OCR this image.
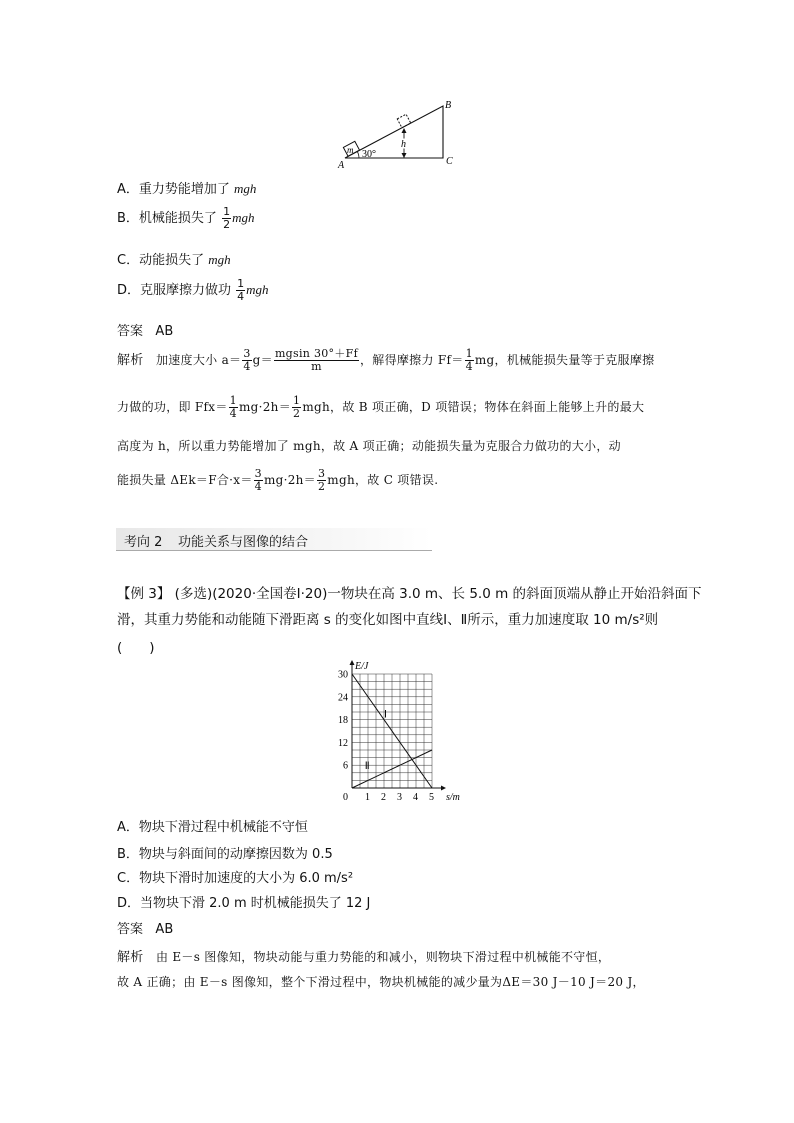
m 30°
h
A
B
C
A．重力势能增加了 mgh
B．机械能损失了 $\frac{1}{2}$ mgh
C．动能损失了 mgh
D．克服摩擦力做功 $\frac{1}{4}$ mgh
答案 AB
解析 加速度大小 $a= \frac{3}{4} g= \frac{mgsin 30^\circ+Ff}{m}$ ，解得摩擦力 $Ff= \frac{1}{4}$ mg，机械能损失量等于克服摩擦
力做的功，即 $Ffx= \frac{1}{4} mg\cdot 2h= \frac{1}{2}$ mgh，故 B 项正确，D 项错误；物体在斜面上能够上升的最大
高度为 h，所以重力势能增加了 mgh，故 A 项正确；动能损失量为克服合力做功的大小，动
能损失量 ΔEk＝F合$\cdot x= \frac{3}{4} mg\cdot 2h= \frac{3}{2}$ mgh，故 C 项错误.
考向 2 功能关系与图像的结合
【例 3】 (多选)(2020·全国卷Ⅰ·20)一物块在高 3.0 m、长 5.0 m 的斜面顶端从静止开始沿斜面下
滑，其重力势能和动能随下滑距离 s 的变化如图中直线Ⅰ、Ⅱ所示，重力加速度取 10 m/s²则
(　　)
Ⅰ
Ⅱ
0 1 2 3 4 5
6
12
18
24
30
s/m
E/J
A．物块下滑过程中机械能不守恒
B．物块与斜面间的动摩擦因数为 0.5
C．物块下滑时加速度的大小为 6.0 m/s²
D．当物块下滑 2.0 m 时机械能损失了 12 J
答案 AB
解析 由 E－s 图像知，物块动能与重力势能的和减小，则物块下滑过程中机械能不守恒，
故 A 正确；由 E－s 图像知，整个下滑过程中，物块机械能的减少量为ΔE＝30 J－10 J＝20 J，
